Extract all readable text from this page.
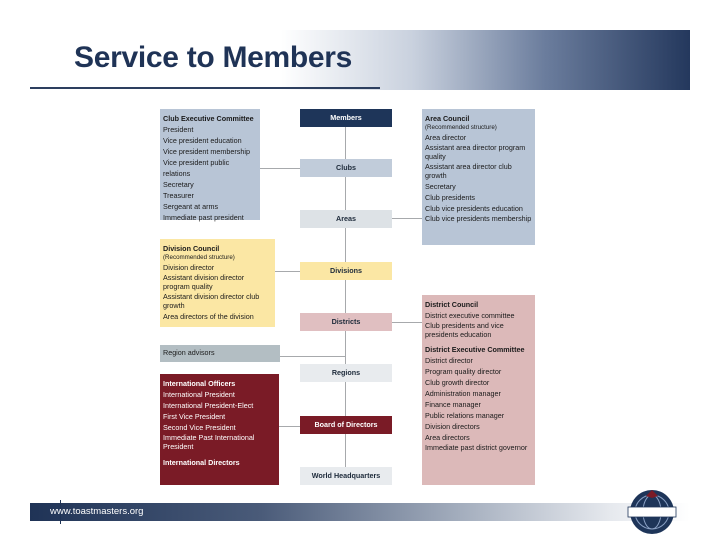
Service to Members
Club Executive Committee
President
Vice president education
Vice president membership
Vice president public relations
Secretary
Treasurer
Sergeant at arms
Immediate past president
Division Council
(Recommended structure)
Division director
Assistant division director program quality
Assistant division director club growth
Area directors of the division
Region advisors
International Officers
International President
International President-Elect
First Vice President
Second Vice President
Immediate Past International President
International Directors
Members
Clubs
Areas
Divisions
Districts
Regions
Board of Directors
World Headquarters
Area Council
(Recommended structure)
Area director
Assistant area director program quality
Assistant area director club growth
Secretary
Club presidents
Club vice presidents education
Club vice presidents membership
District Council
District executive committee
Club presidents and vice presidents education
District Executive Committee
District director
Program quality director
Club growth director
Administration manager
Finance manager
Public relations manager
Division directors
Area directors
Immediate past district governor
www.toastmasters.org
